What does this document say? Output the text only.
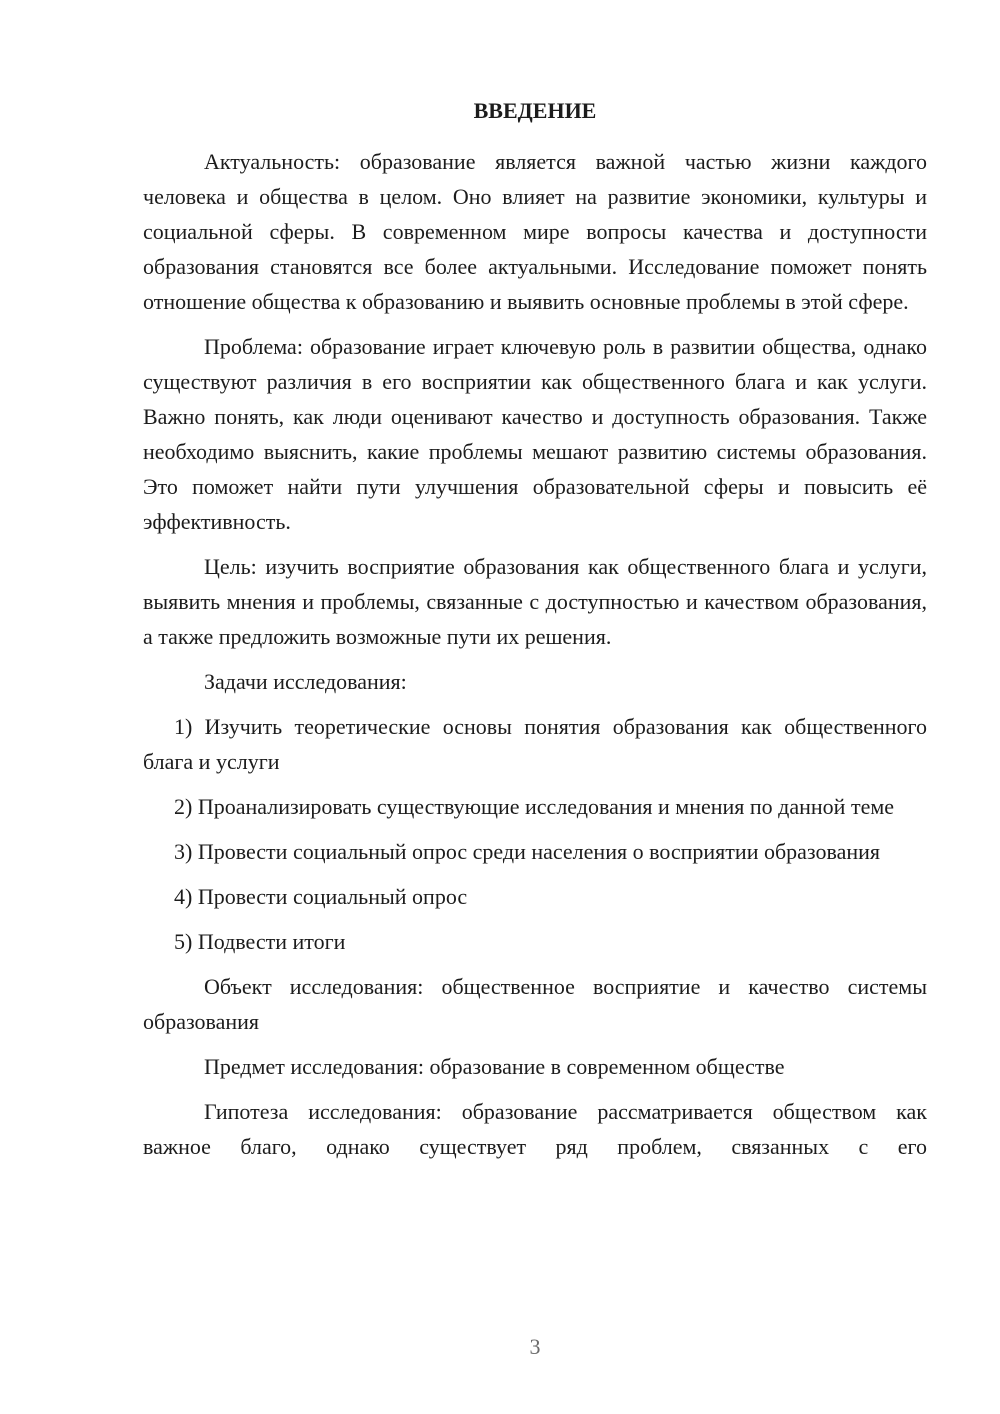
ВВЕДЕНИЕ

Актуальность: образование является важной частью жизни каждого человека и общества в целом. Оно влияет на развитие экономики, культуры и социальной сферы. В современном мире вопросы качества и доступности образования становятся все более актуальными. Исследование поможет понять отношение общества к образованию и выявить основные проблемы в этой сфере.

Проблема: образование играет ключевую роль в развитии общества, однако существуют различия в его восприятии как общественного блага и как услуги. Важно понять, как люди оценивают качество и доступность образования. Также необходимо выяснить, какие проблемы мешают развитию системы образования. Это поможет найти пути улучшения образовательной сферы и повысить её эффективность.

Цель: изучить восприятие образования как общественного блага и услуги, выявить мнения и проблемы, связанные с доступностью и качеством образования, а также предложить возможные пути их решения.

Задачи исследования:

1) Изучить теоретические основы понятия образования как общественного блага и услуги

2) Проанализировать существующие исследования и мнения по данной теме

3) Провести социальный опрос среди населения о восприятии образования

4) Провести социальный опрос

5) Подвести итоги

Объект исследования: общественное восприятие и качество системы образования

Предмет исследования: образование в современном обществе

Гипотеза исследования: образование рассматривается обществом как важное благо, однако существует ряд проблем, связанных с его

3
